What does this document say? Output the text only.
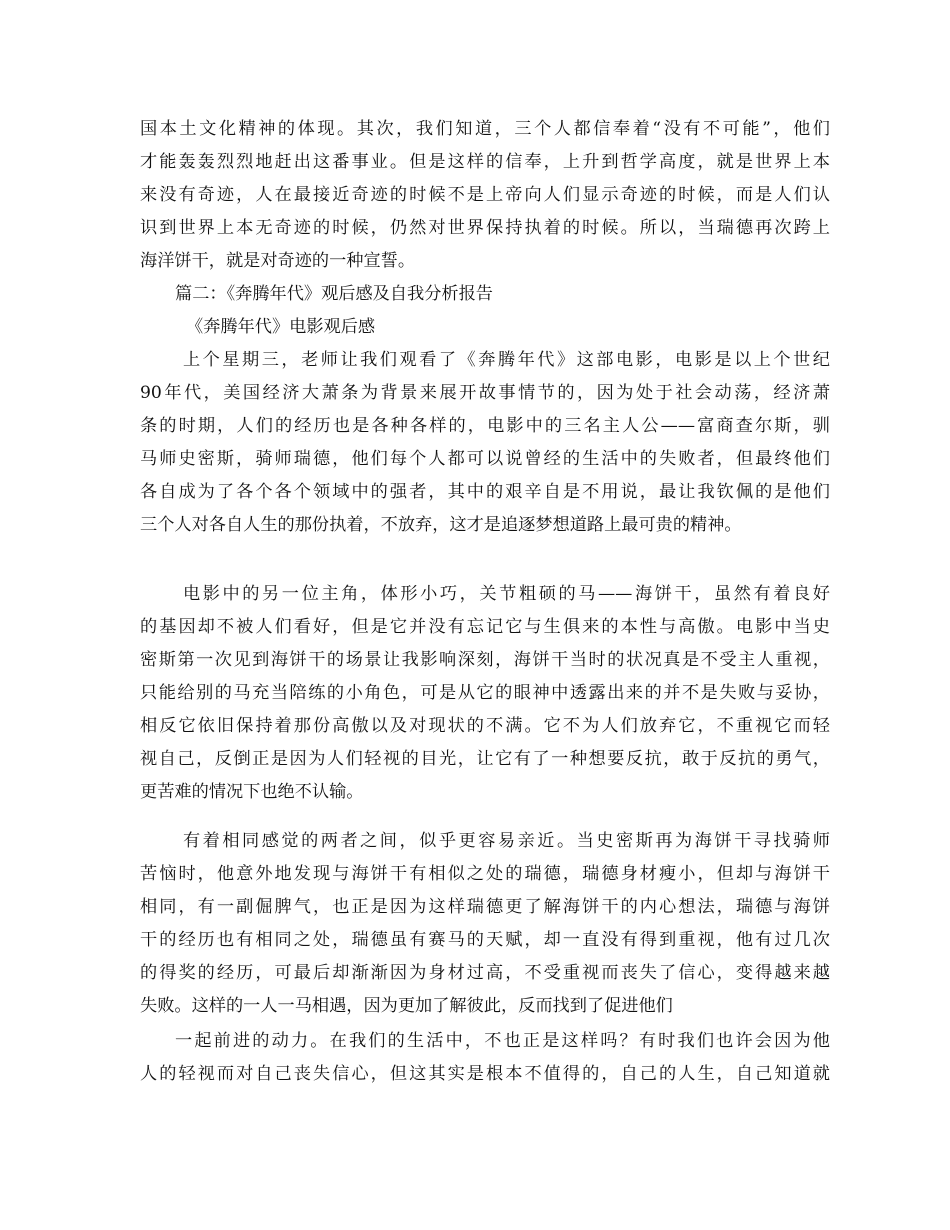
国本土文化精神的体现。其次，我们知道，三个人都信奉着“没有不可能”，他们
才能轰轰烈烈地赶出这番事业。但是这样的信奉，上升到哲学高度，就是世界上本
来没有奇迹，人在最接近奇迹的时候不是上帝向人们显示奇迹的时候，而是人们认
识到世界上本无奇迹的时候，仍然对世界保持执着的时候。所以，当瑞德再次跨上
海洋饼干，就是对奇迹的一种宣誓。
篇二：《奔腾年代》观后感及自我分析报告
《奔腾年代》电影观后感
上个星期三，老师让我们观看了《奔腾年代》这部电影，电影是以上个世纪
90年代，美国经济大萧条为背景来展开故事情节的，因为处于社会动荡，经济萧
条的时期，人们的经历也是各种各样的，电影中的三名主人公——富商查尔斯，驯
马师史密斯，骑师瑞德，他们每个人都可以说曾经的生活中的失败者，但最终他们
各自成为了各个各个领域中的强者，其中的艰辛自是不用说，最让我钦佩的是他们
三个人对各自人生的那份执着，不放弃，这才是追逐梦想道路上最可贵的精神。
电影中的另一位主角，体形小巧，关节粗硕的马——海饼干，虽然有着良好
的基因却不被人们看好，但是它并没有忘记它与生俱来的本性与高傲。电影中当史
密斯第一次见到海饼干的场景让我影响深刻，海饼干当时的状况真是不受主人重视，
只能给别的马充当陪练的小角色，可是从它的眼神中透露出来的并不是失败与妥协，
相反它依旧保持着那份高傲以及对现状的不满。它不为人们放弃它，不重视它而轻
视自己，反倒正是因为人们轻视的目光，让它有了一种想要反抗，敢于反抗的勇气，
更苦难的情况下也绝不认输。
有着相同感觉的两者之间，似乎更容易亲近。当史密斯再为海饼干寻找骑师
苦恼时，他意外地发现与海饼干有相似之处的瑞德，瑞德身材瘦小，但却与海饼干
相同，有一副倔脾气，也正是因为这样瑞德更了解海饼干的内心想法，瑞德与海饼
干的经历也有相同之处，瑞德虽有赛马的天赋，却一直没有得到重视，他有过几次
的得奖的经历，可最后却渐渐因为身材过高，不受重视而丧失了信心，变得越来越
失败。这样的一人一马相遇，因为更加了解彼此，反而找到了促进他们
一起前进的动力。在我们的生活中，不也正是这样吗？有时我们也许会因为他
人的轻视而对自己丧失信心，但这其实是根本不值得的，自己的人生，自己知道就
